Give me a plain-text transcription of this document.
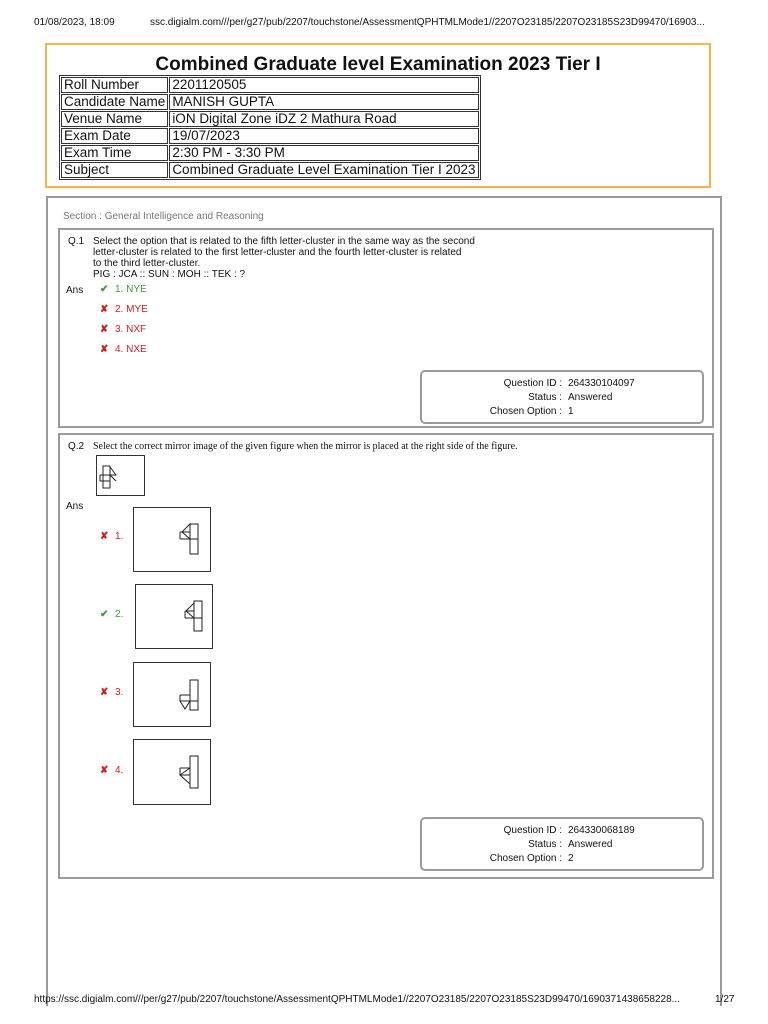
01/08/2023, 18:09	ssc.digialm.com///per/g27/pub/2207/touchstone/AssessmentQPHTMLMode1//2207O23185/2207O23185S23D99470/16903...
Combined Graduate level Examination 2023 Tier I
Roll Number	2201120505
Candidate Name	MANISH GUPTA
Venue Name	iON Digital Zone iDZ 2 Mathura Road
Exam Date	19/07/2023
Exam Time	2:30 PM - 3:30 PM
Subject	Combined Graduate Level Examination Tier I 2023
Section : General Intelligence and Reasoning
Q.1 Select the option that is related to the fifth letter-cluster in the same way as the second
letter-cluster is related to the first letter-cluster and the fourth letter-cluster is related
to the third letter-cluster.
PIG : JCA :: SUN : MOH :: TEK : ?
Ans ✔ 1. NYE
✘ 2. MYE
✘ 3. NXF
✘ 4. NXE
Question ID : 264330104097
Status : Answered
Chosen Option : 1
Q.2 Select the correct mirror image of the given figure when the mirror is placed at the right side of the figure.
Ans
✘ 1.
✔ 2.
✘ 3.
✘ 4.
Question ID : 264330068189
Status : Answered
Chosen Option : 2
https://ssc.digialm.com///per/g27/pub/2207/touchstone/AssessmentQPHTMLMode1//2207O23185/2207O23185S23D99470/1690371438658228...	1/27
